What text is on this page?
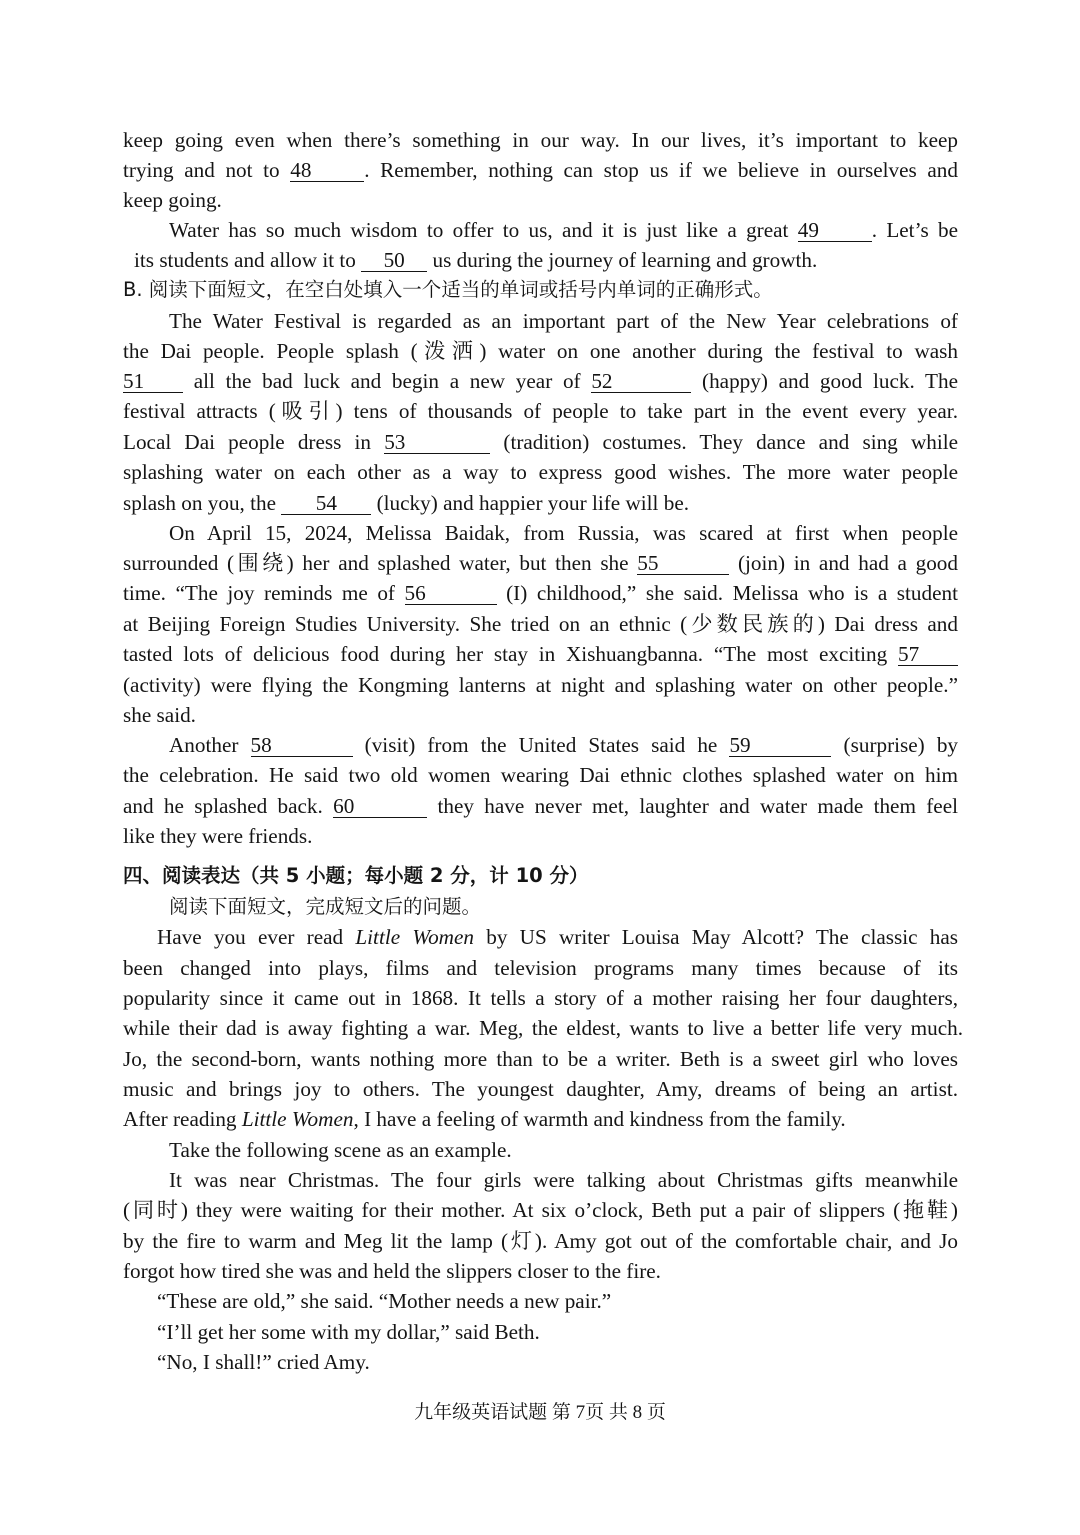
keep going even when there’s something in our way. In our lives, it’s important to keep
trying and not to 48 . Remember, nothing can stop us if we believe in ourselves and
keep going.
Water has so much wisdom to offer to us, and it is just like a great 49 . Let’s be
its students and allow it to 50 us during the journey of learning and growth.
B. 阅读下面短文，在空白处填入一个适当的单词或括号内单词的正确形式。
The Water Festival is regarded as an important part of the New Year celebrations of
the Dai people. People splash (泼洒) water on one another during the festival to wash
51 all the bad luck and begin a new year of 52	(happy) and good luck. The
festival attracts (吸引) tens of thousands of people to take part in the event every year.
Local Dai people dress in 53	(tradition) costumes. They dance and sing while
splashing water on each other as a way to express good wishes. The more water people
splash on you, the 54 (lucky) and happier your life will be.
On April 15, 2024, Melissa Baidak, from Russia, was scared at first when people
surrounded (围绕) her and splashed water, but then she 55	(join) in and had a good
time. “The joy reminds me of 56	(I) childhood,” she said. Melissa who is a student
at Beijing Foreign Studies University. She tried on an ethnic (少数民族的) Dai dress and
tasted lots of delicious food during her stay in Xishuangbanna. “The most exciting 57
(activity) were flying the Kongming lanterns at night and splashing water on other people.”
she said.
Another 58	(visit) from the United States said he 59	(surprise) by
the celebration. He said two old women wearing Dai ethnic clothes splashed water on him
and he splashed back. 60	they have never met, laughter and water made them feel
like they were friends.
四、阅读表达（共 5 小题；每小题 2 分，计 10 分）
阅读下面短文，完成短文后的问题。
Have you ever read Little Women by US writer Louisa May Alcott? The classic has
been changed into plays, films and television programs many times because of its
popularity since it came out in 1868. It tells a story of a mother raising her four daughters,
while their dad is away fighting a war. Meg, the eldest, wants to live a better life very much.
Jo, the second-born, wants nothing more than to be a writer. Beth is a sweet girl who loves
music and brings joy to others. The youngest daughter, Amy, dreams of being an artist.
After reading Little Women, I have a feeling of warmth and kindness from the family.
Take the following scene as an example.
It was near Christmas. The four girls were talking about Christmas gifts meanwhile
(同时) they were waiting for their mother. At six o’clock, Beth put a pair of slippers (拖鞋)
by the fire to warm and Meg lit the lamp (灯). Amy got out of the comfortable chair, and Jo
forgot how tired she was and held the slippers closer to the fire.
“These are old,” she said. “Mother needs a new pair.”
“I’ll get her some with my dollar,” said Beth.
“No, I shall!” cried Amy.
九年级英语试题 第 7页 共 8 页
